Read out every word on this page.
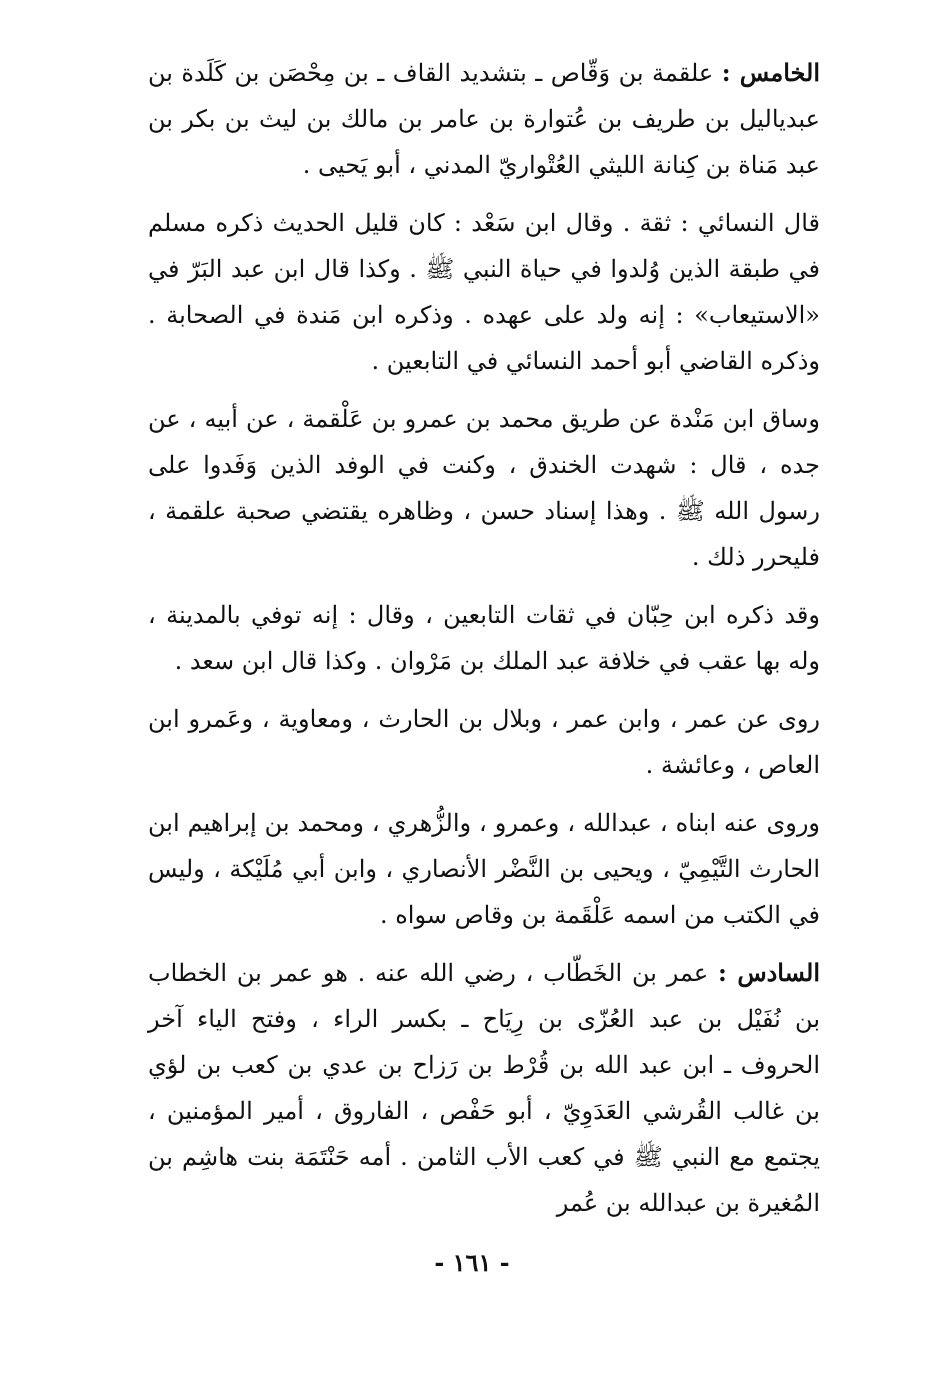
الخامس : علقمة بن وَقّاص ـ بتشديد القاف ـ بن مِحْصَن بن كَلَدة بن عبدياليل بن طريف بن عُتوارة بن عامر بن مالك بن ليث بن بكر بن عبد مَناة بن كِنانة الليثي العُتْواريّ المدني ، أبو يَحيى .

قال النسائي : ثقة . وقال ابن سَعْد : كان قليل الحديث ذكره مسلم في طبقة الذين وُلدوا في حياة النبي ﷺ . وكذا قال ابن عبد البَرّ في «الاستيعاب» : إنه ولد على عهده . وذكره ابن مَندة في الصحابة . وذكره القاضي أبو أحمد النسائي في التابعين .

وساق ابن مَنْدة عن طريق محمد بن عمرو بن عَلْقمة ، عن أبيه ، عن جده ، قال : شهدت الخندق ، وكنت في الوفد الذين وَفَدوا على رسول الله ﷺ . وهذا إسناد حسن ، وظاهره يقتضي صحبة علقمة ، فليحرر ذلك .

وقد ذكره ابن حِبّان في ثقات التابعين ، وقال : إنه توفي بالمدينة ، وله بها عقب في خلافة عبد الملك بن مَرْوان . وكذا قال ابن سعد .

روى عن عمر ، وابن عمر ، وبلال بن الحارث ، ومعاوية ، وعَمرو ابن العاص ، وعائشة .

وروى عنه ابناه ، عبدالله ، وعمرو ، والزُّهري ، ومحمد بن إبراهيم ابن الحارث التَّيْمِيّ ، ويحيى بن النَّضْر الأنصاري ، وابن أبي مُلَيْكة ، وليس في الكتب من اسمه عَلْقَمة بن وقاص سواه .

السادس : عمر بن الخَطّاب ، رضي الله عنه . هو عمر بن الخطاب بن نُفَيْل بن عبد العُزّى بن رِيَاح ـ بكسر الراء ، وفتح الياء آخر الحروف ـ ابن عبد الله بن قُرْط بن رَزاح بن عدي بن كعب بن لؤي بن غالب القُرشي العَدَوِيّ ، أبو حَفْص ، الفاروق ، أمير المؤمنين ، يجتمع مع النبي ﷺ في كعب الأب الثامن . أمه حَنْتَمَة بنت هاشِم بن المُغيرة بن عبدالله بن عُمر

- ١٦١ -
